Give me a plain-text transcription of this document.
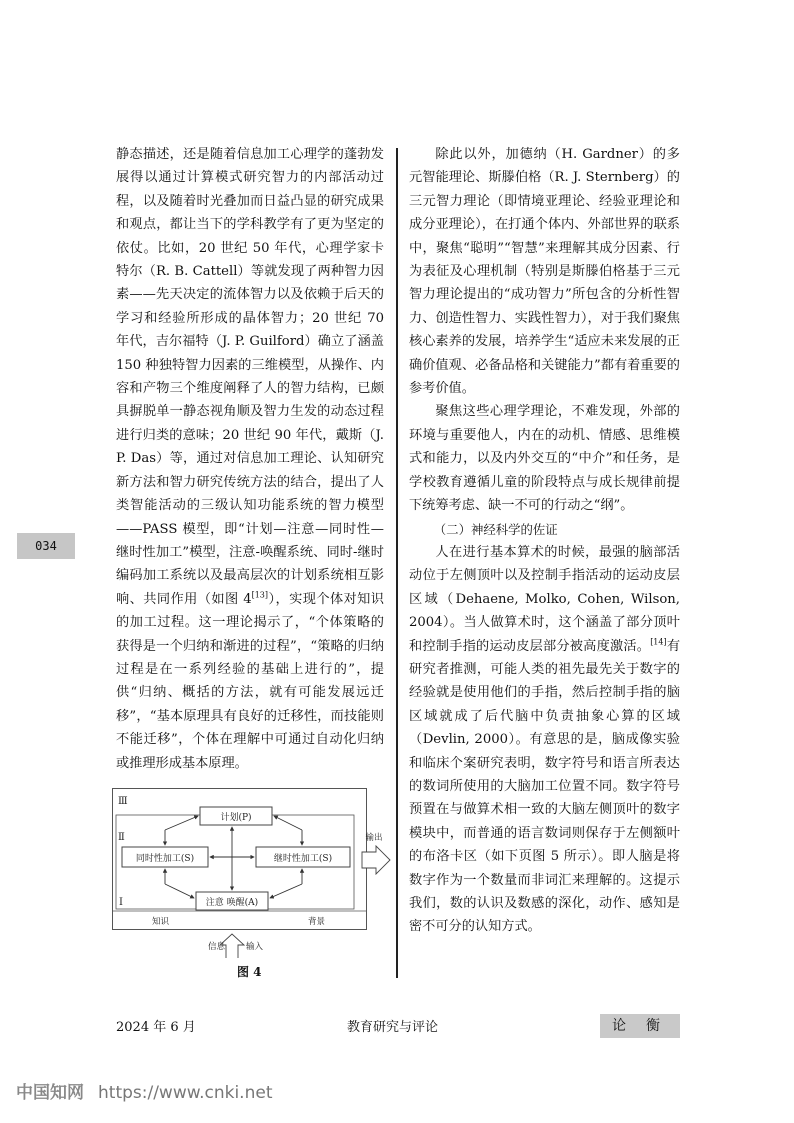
静态描述，还是随着信息加工心理学的蓬勃发展得以通过计算模式研究智力的内部活动过程，以及随着时光叠加而日益凸显的研究成果和观点，都让当下的学科教学有了更为坚定的依仗。比如，20 世纪 50 年代，心理学家卡特尔（R. B. Cattell）等就发现了两种智力因素——先天决定的流体智力以及依赖于后天的学习和经验所形成的晶体智力；20 世纪 70 年代，吉尔福特（J. P. Guilford）确立了涵盖 150 种独特智力因素的三维模型，从操作、内容和产物三个维度阐释了人的智力结构，已颇具摒脱单一静态视角顺及智力生发的动态过程进行归类的意味；20 世纪 90 年代，戴斯（J. P. Das）等，通过对信息加工理论、认知研究新方法和智力研究传统方法的结合，提出了人类智能活动的三级认知功能系统的智力模型——PASS 模型，即“计划—注意—同时性—继时性加工”模型，注意-唤醒系统、同时-继时编码加工系统以及最高层次的计划系统相互影响、共同作用（如图 4[13]），实现个体对知识的加工过程。这一理论揭示了，“个体策略的获得是一个归纳和渐进的过程”，“策略的归纳过程是在一系列经验的基础上进行的”，提供“归纳、概括的方法，就有可能发展远迁移”，“基本原理具有良好的迁移性，而技能则不能迁移”，个体在理解中可通过自动化归纳或推理形成基本原理。

除此以外，加德纳（H. Gardner）的多元智能理论、斯滕伯格（R. J. Sternberg）的三元智力理论（即情境亚理论、经验亚理论和成分亚理论），在打通个体内、外部世界的联系中，聚焦“聪明”“智慧”来理解其成分因素、行为表征及心理机制（特别是斯滕伯格基于三元智力理论提出的“成功智力”所包含的分析性智力、创造性智力、实践性智力），对于我们聚焦核心素养的发展，培养学生“适应未来发展的正确价值观、必备品格和关键能力”都有着重要的参考价值。

聚焦这些心理学理论，不难发现，外部的环境与重要他人，内在的动机、情感、思维模式和能力，以及内外交互的“中介”和任务，是学校教育遵循儿童的阶段特点与成长规律前提下统筹考虑、缺一不可的行动之“纲”。

（二）神经科学的佐证

人在进行基本算术的时候，最强的脑部活动位于左侧顶叶以及控制手指活动的运动皮层区域（Dehaene, Molko, Cohen, Wilson, 2004）。当人做算术时，这个涵盖了部分顶叶和控制手指的运动皮层部分被高度激活。[14]有研究者推测，可能人类的祖先最先关于数字的经验就是使用他们的手指，然后控制手指的脑区域就成了后代脑中负责抽象心算的区域（Devlin, 2000）。有意思的是，脑成像实验和临床个案研究表明，数字符号和语言所表达的数词所使用的大脑加工位置不同。数字符号预置在与做算术相一致的大脑左侧顶叶的数字模块中，而普通的语言数词则保存于左侧额叶的布洛卡区（如下页图 5 所示）。即人脑是将数字作为一个数量而非词汇来理解的。这提示我们，数的认识及数感的深化，动作、感知是密不可分的认知方式。

034
Ⅲ
Ⅱ
Ⅰ
计划(P)
同时性加工(S)	继时性加工(S)
注意 唤醒(A)
输出
知识	背景
信息 输入
图 4
2024 年 6 月	教育研究与评论	论衡
中国知网 https://www.cnki.net
